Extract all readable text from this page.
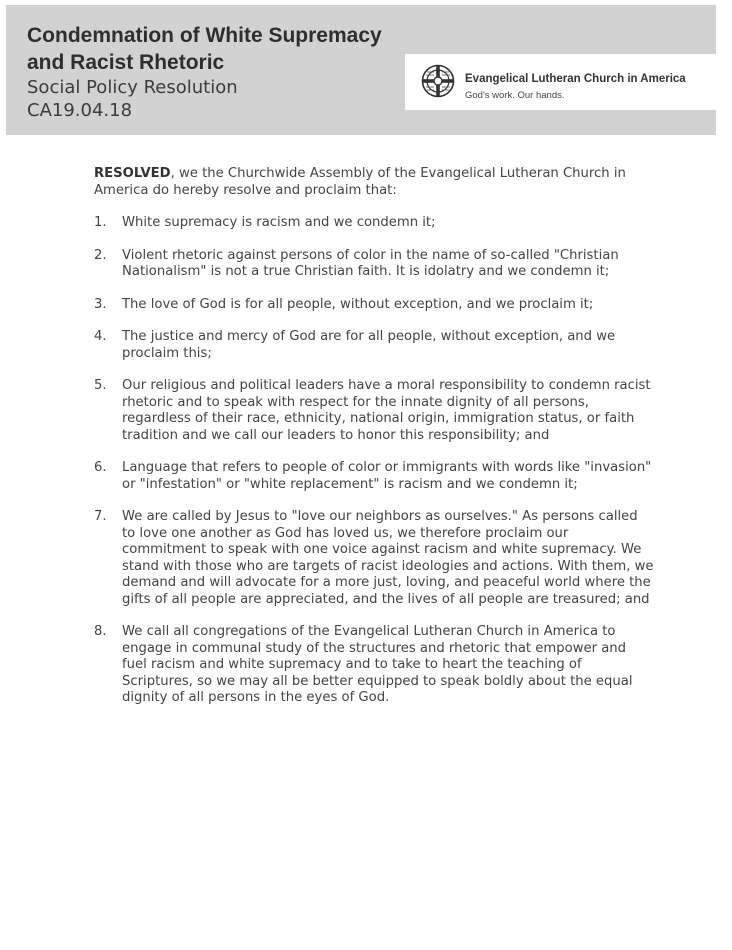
Condemnation of White Supremacy
and Racist Rhetoric
Social Policy Resolution
CA19.04.18
Evangelical Lutheran Church in America
God's work. Our hands.

RESOLVED, we the Churchwide Assembly of the Evangelical Lutheran Church in America do hereby resolve and proclaim that:

1. White supremacy is racism and we condemn it;
2. Violent rhetoric against persons of color in the name of so-called "Christian Nationalism" is not a true Christian faith. It is idolatry and we condemn it;
3. The love of God is for all people, without exception, and we proclaim it;
4. The justice and mercy of God are for all people, without exception, and we proclaim this;
5. Our religious and political leaders have a moral responsibility to condemn racist rhetoric and to speak with respect for the innate dignity of all persons, regardless of their race, ethnicity, national origin, immigration status, or faith tradition and we call our leaders to honor this responsibility; and
6. Language that refers to people of color or immigrants with words like "invasion" or "infestation" or "white replacement" is racism and we condemn it;
7. We are called by Jesus to "love our neighbors as ourselves." As persons called to love one another as God has loved us, we therefore proclaim our commitment to speak with one voice against racism and white supremacy. We stand with those who are targets of racist ideologies and actions. With them, we demand and will advocate for a more just, loving, and peaceful world where the gifts of all people are appreciated, and the lives of all people are treasured; and
8. We call all congregations of the Evangelical Lutheran Church in America to engage in communal study of the structures and rhetoric that empower and fuel racism and white supremacy and to take to heart the teaching of Scriptures, so we may all be better equipped to speak boldly about the equal dignity of all persons in the eyes of God.
